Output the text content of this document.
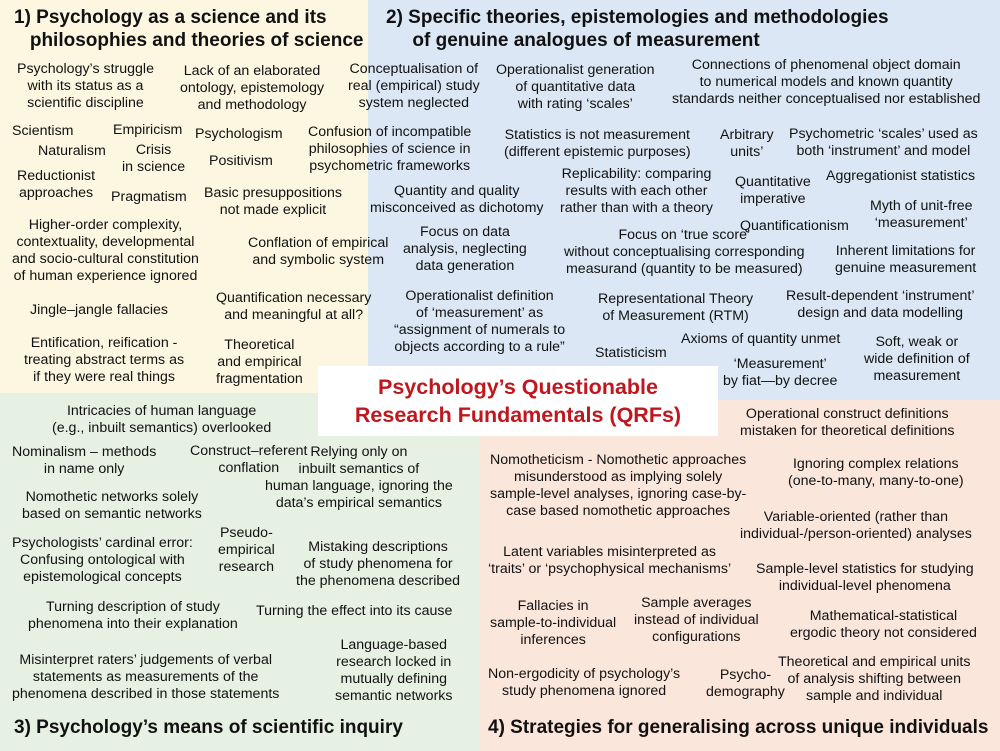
1) Psychology as a science and its
philosophies and theories of science
2) Specific theories, epistemologies and methodologies
of genuine analogues of measurement
3) Psychology’s means of scientific inquiry	4) Strategies for generalising across unique individuals
Psychology’s Questionable
Research Fundamentals (QRFs)
Psychology’s struggle
with its status as a
scientific discipline
Lack of an elaborated
ontology, epistemology
and methodology
Scientism	Empiricism
Naturalism	Crisis
in science
Psychologism
Positivism
Reductionist
approaches Pragmatism Basic presuppositions
not made explicit
Higher-order complexity,
contextuality, developmental
and socio-cultural constitution
of human experience ignored
Jingle–jangle fallacies
Entification, reification -
treating abstract terms as
if they were real things
Conceptualisation of
real (empirical) study
system neglected
Confusion of incompatible
philosophies of science in
psychometric frameworks
Conflation of empirical
and symbolic system
Quantification necessary
and meaningful at all?
Theoretical
and empirical
fragmentation
Operationalist generation
of quantitative data
with rating ‘scales’
Connections of phenomenal object domain
to numerical models and known quantity
standards neither conceptualised nor established
Statistics is not measurement
(different epistemic purposes)
Arbitrary
units’
Psychometric ‘scales’ used as
both ‘instrument’ and model
Quantity and quality
misconceived as dichotomy
Replicability: comparing
results with each other
rather than with a theory
Quantitative
imperative
Aggregationist statistics
Quantificationism
Myth of unit-free
‘measurement’
Focus on data
analysis, neglecting
data generation
Focus on ‘true score’
without conceptualising corresponding
measurand (quantity to be measured)
Inherent limitations for
genuine measurement
Operationalist definition
of ‘measurement’ as
“assignment of numerals to
objects according to a rule”
Representational Theory
of Measurement (RTM)
Result-dependent ‘instrument’
design and data modelling
Axioms of quantity unmet
Statisticism
Soft, weak or
wide definition of
measurement
‘Measurement’
by fiat—by decree
Intricacies of human language
(e.g., inbuilt semantics) overlooked
Nominalism – methods
in name only
Construct–referent
conflation
Relying only on
inbuilt semantics of
human language, ignoring the
data’s empirical semantics
Nomothetic networks solely
based on semantic networks
Psychologists’ cardinal error:
Confusing ontological with
epistemological concepts
Pseudo-
empirical
research
Mistaking descriptions
of study phenomena for
the phenomena described
Turning description of study
phenomena into their explanation
Turning the effect into its cause
Misinterpret raters’ judgements of verbal
statements as measurements of the
phenomena described in those statements
Language-based
research locked in
mutually defining
semantic networks
Operational construct definitions
mistaken for theoretical definitions
Nomotheticism - Nomothetic approaches
misunderstood as implying solely
sample-level analyses, ignoring case-by-
case based nomothetic approaches
Ignoring complex relations
(one-to-many, many-to-one)
Variable-oriented (rather than
individual-/person-oriented) analyses
Latent variables misinterpreted as
‘traits’ or ‘psychophysical mechanisms’ Sample-level statistics for studying
individual-level phenomena
Fallacies in
sample-to-individual
inferences
Sample averages
instead of individual
configurations
Mathematical-statistical
ergodic theory not considered
Non-ergodicity of psychology’s
study phenomena ignored
Psycho-
demography
Theoretical and empirical units
of analysis shifting between
sample and individual
